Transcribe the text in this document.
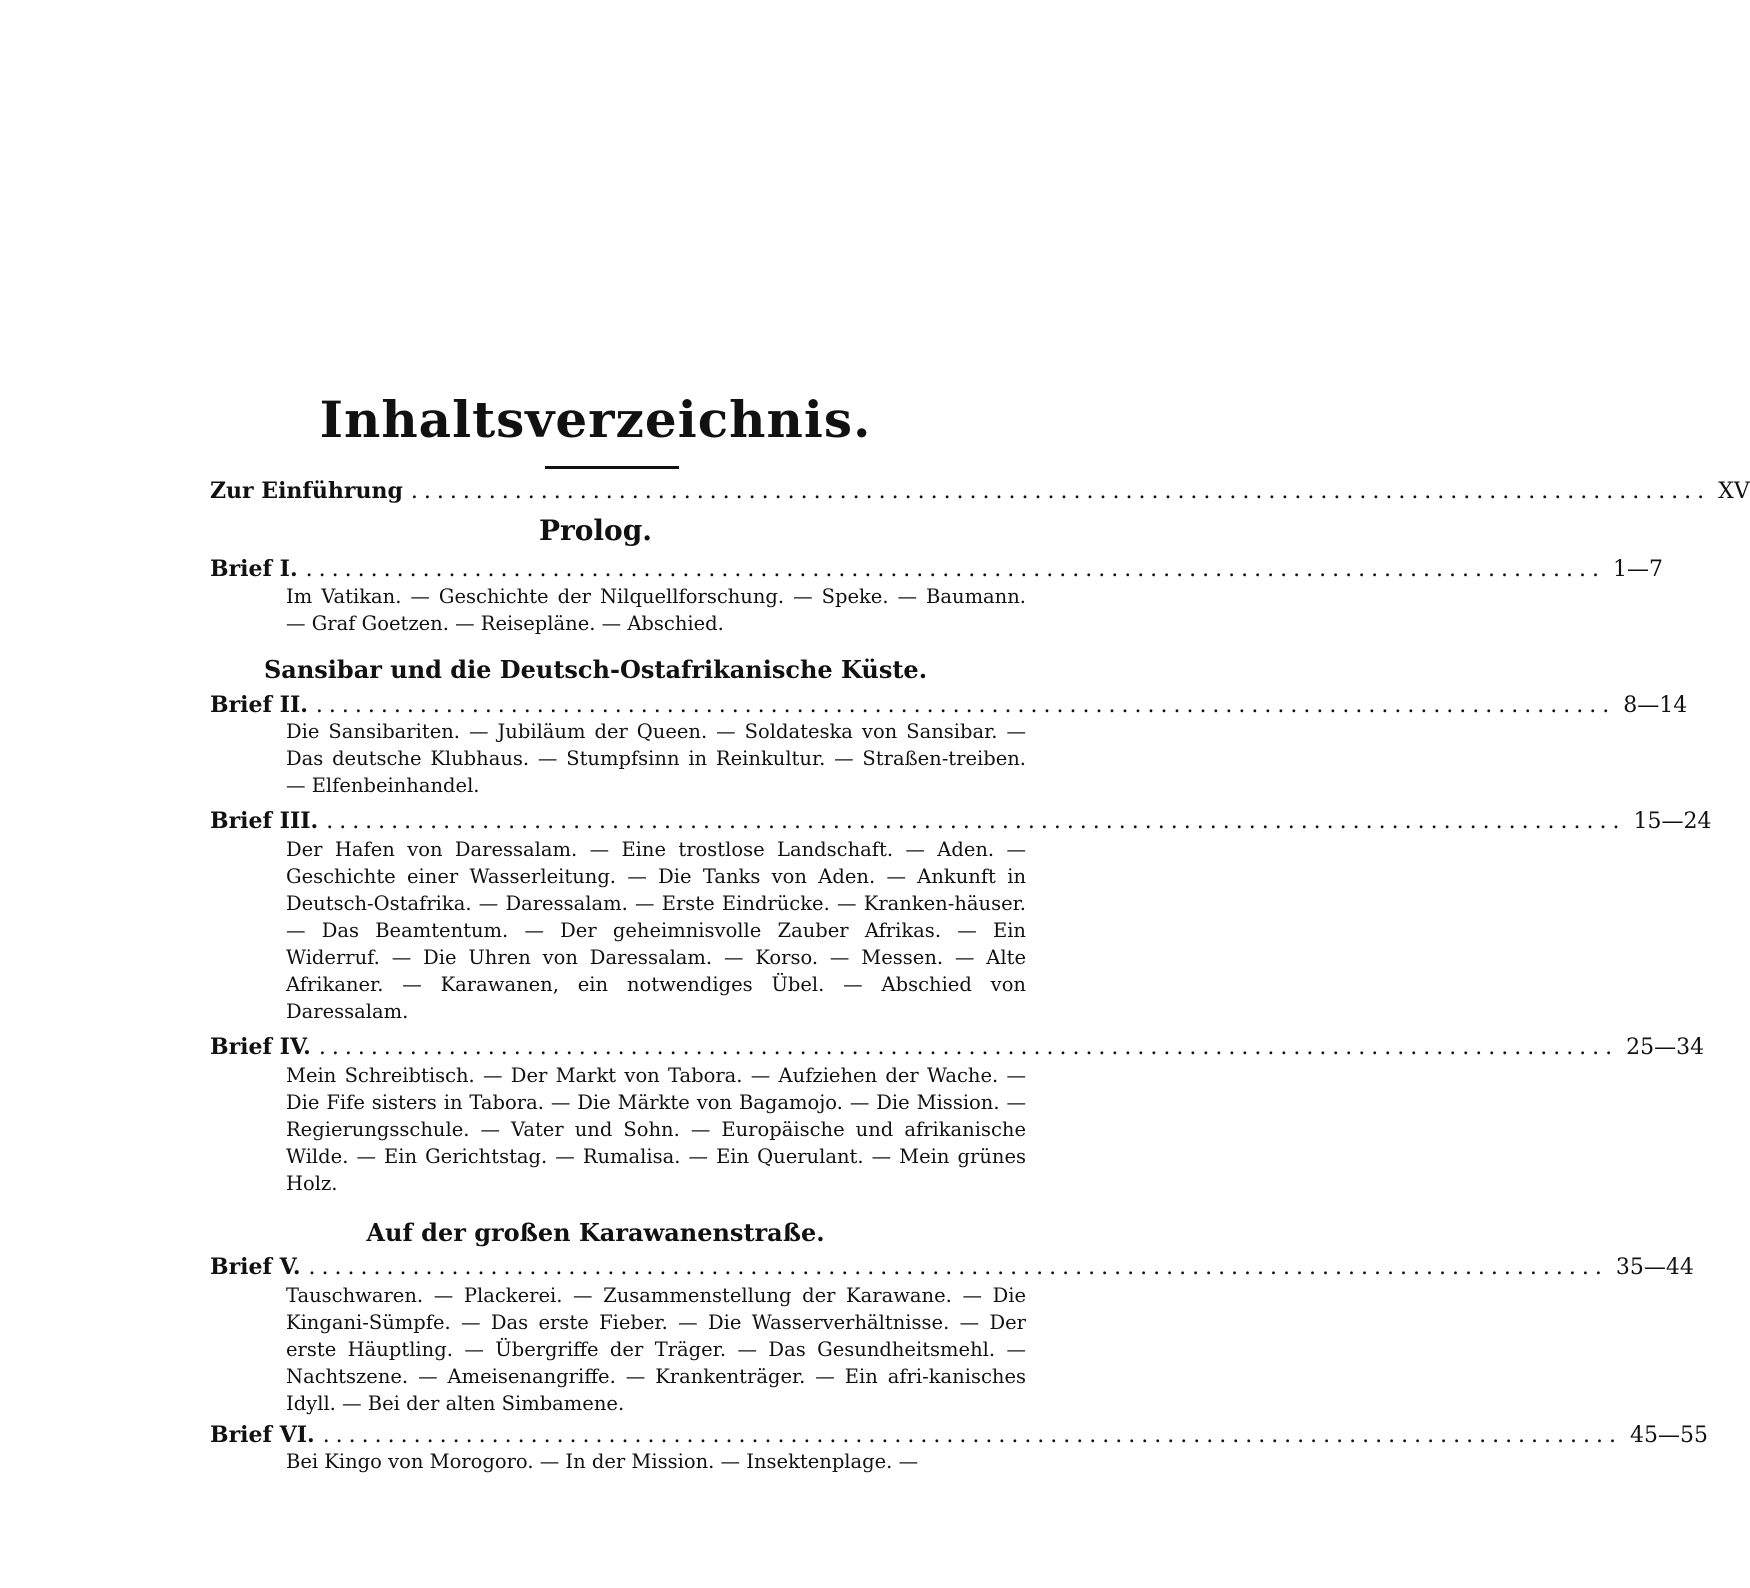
Inhaltsverzeichnis.
Zur Einführung .................................................................................................... XV
Prolog.
Brief I. .................................................................................................... 1—7
Im Vatikan. — Geschichte der Nilquellforschung. — Speke. — Baumann. — Graf Goetzen. — Reisepläne. — Abschied.
Sansibar und die Deutsch-Ostafrikanische Küste.
Brief II. .................................................................................................... 8—14
Die Sansibariten. — Jubiläum der Queen. — Soldateska von Sansibar. — Das deutsche Klubhaus. — Stumpfsinn in Reinkultur. — Straßen-treiben. — Elfenbeinhandel.
Brief III. .................................................................................................... 15—24
Der Hafen von Daressalam. — Eine trostlose Landschaft. — Aden. — Geschichte einer Wasserleitung. — Die Tanks von Aden. — Ankunft in Deutsch-Ostafrika. — Daressalam. — Erste Eindrücke. — Kranken-häuser. — Das Beamtentum. — Der geheimnisvolle Zauber Afrikas. — Ein Widerruf. — Die Uhren von Daressalam. — Korso. — Messen. — Alte Afrikaner. — Karawanen, ein notwendiges Übel. — Abschied von Daressalam.
Brief IV. .................................................................................................... 25—34
Mein Schreibtisch. — Der Markt von Tabora. — Aufziehen der Wache. — Die Fife sisters in Tabora. — Die Märkte von Bagamojo. — Die Mission. — Regierungsschule. — Vater und Sohn. — Europäische und afrikanische Wilde. — Ein Gerichtstag. — Rumalisa. — Ein Querulant. — Mein grünes Holz.
Auf der großen Karawanenstraße.
Brief V. .................................................................................................... 35—44
Tauschwaren. — Plackerei. — Zusammenstellung der Karawane. — Die Kingani-Sümpfe. — Das erste Fieber. — Die Wasserverhältnisse. — Der erste Häuptling. — Übergriffe der Träger. — Das Gesundheitsmehl. — Nachtszene. — Ameisenangriffe. — Krankenträger. — Ein afri-kanisches Idyll. — Bei der alten Simbamene.
Brief VI. .................................................................................................... 45—55
Bei Kingo von Morogoro. — In der Mission. — Insektenplage. —
